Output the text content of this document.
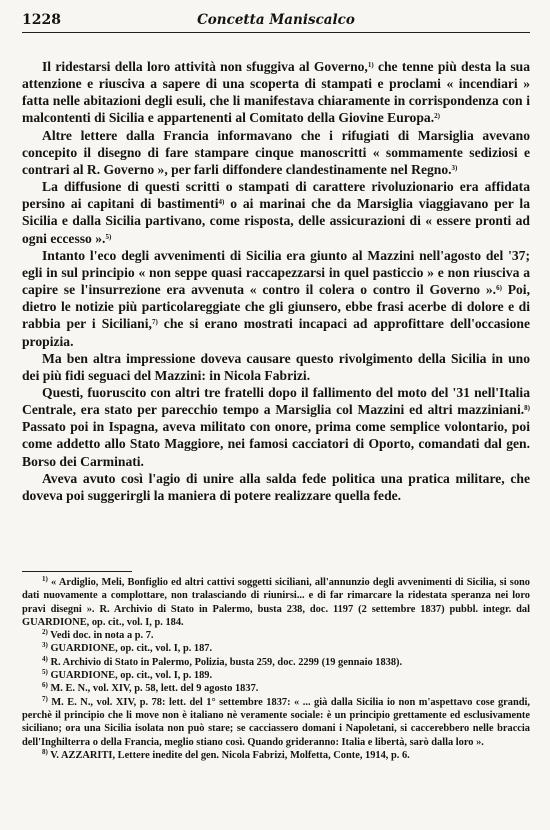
1228	Concetta Maniscalco

Il ridestarsi della loro attività non sfuggiva al Governo,$^{1)}$ che tenne più desta la sua attenzione e riusciva a sapere di una scoperta di stampati e proclami « incendiari » fatta nelle abitazioni degli esuli, che li manifestava chiaramente in corrispondenza con i malcontenti di Sicilia e appartenenti al Comitato della Giovine Europa.$^{2)}$

Altre lettere dalla Francia informavano che i rifugiati di Marsiglia avevano concepito il disegno di fare stampare cinque manoscritti « sommamente sediziosi e contrari al R. Governo », per farli diffondere clandestinamente nel Regno.$^{3)}$

La diffusione di questi scritti o stampati di carattere rivoluzionario era affidata persino ai capitani di bastimenti$^{4)}$ o ai marinai che da Marsiglia viaggiavano per la Sicilia e dalla Sicilia partivano, come risposta, delle assicurazioni di « essere pronti ad ogni eccesso ».$^{5)}$

Intanto l'eco degli avvenimenti di Sicilia era giunto al Mazzini nell'agosto del '37; egli in sul principio « non seppe quasi raccapezzarsi in quel pasticcio » e non riusciva a capire se l'insurrezione era avvenuta « contro il colera o contro il Governo ».$^{6)}$ Poi, dietro le notizie più particolareggiate che gli giunsero, ebbe frasi acerbe di dolore e di rabbia per i Siciliani,$^{7)}$ che si erano mostrati incapaci ad approfittare dell'occasione propizia.

Ma ben altra impressione doveva causare questo rivolgimento della Sicilia in uno dei più fidi seguaci del Mazzini: in Nicola Fabrizi.

Questi, fuoruscito con altri tre fratelli dopo il fallimento del moto del '31 nell'Italia Centrale, era stato per parecchio tempo a Marsiglia col Mazzini ed altri mazziniani.$^{8)}$ Passato poi in Ispagna, aveva militato con onore, prima come semplice volontario, poi come addetto allo Stato Maggiore, nei famosi cacciatori di Oporto, comandati dal gen. Borso dei Carminati.

Aveva avuto così l'agio di unire alla salda fede politica una pratica militare, che doveva poi suggerirgli la maniera di potere realizzare quella fede.

$^{1)}$ « Ardiglio, Meli, Bonfiglio ed altri cattivi soggetti siciliani, all'annunzio degli avvenimenti di Sicilia, si sono dati nuovamente a complottare, non tralasciando di riunirsi... e di far rimarcare la ridestata speranza nei loro pravi disegni ». R. Archivio di Stato in Palermo, busta 238, doc. 1197 (2 settembre 1837) pubbl. integr. dal GUARDIONE, op. cit., vol. I, p. 184.

$^{2)}$ Vedi doc. in nota a p. 7.

$^{3)}$ GUARDIONE, op. cit., vol. I, p. 187.

$^{4)}$ R. Archivio di Stato in Palermo, Polizia, busta 259, doc. 2299 (19 gennaio 1838).

$^{5)}$ GUARDIONE, op. cit., vol. I, p. 189.

$^{6)}$ M. E. N., vol. XIV, p. 58, lett. del 9 agosto 1837.

$^{7)}$ M. E. N., vol. XIV, p. 78: lett. del 1° settembre 1837: « ... già dalla Sicilia io non m'aspettavo cose grandi, perchè il principio che li move non è italiano nè veramente sociale: è un principio grettamente ed esclusivamente siciliano; ora una Sicilia isolata non può stare; se cacciassero domani i Napoletani, si caccerebbero nelle braccia dell'Inghilterra o della Francia, meglio stiano così. Quando grideranno: Italia e libertà, sarò dalla loro ».

$^{8)}$ V. AZZARITI, Lettere inedite del gen. Nicola Fabrizi, Molfetta, Conte, 1914, p. 6.
